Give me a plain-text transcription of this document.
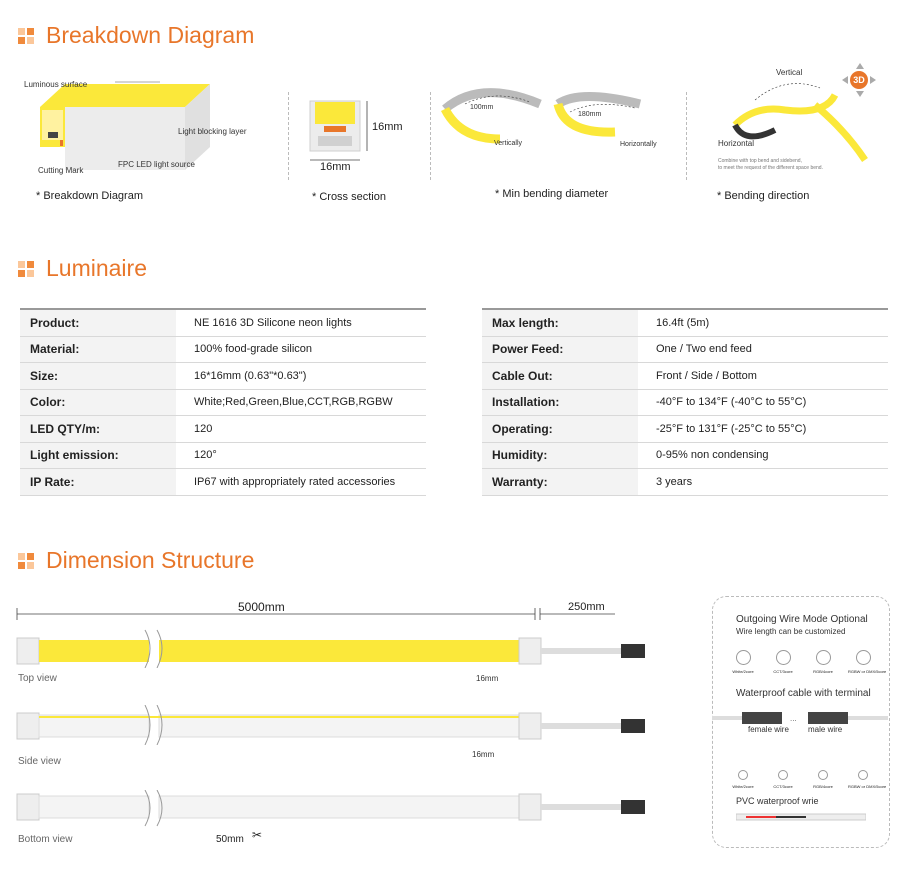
Breakdown Diagram
Luminous surface
Light blocking layer
FPC LED light source
Cutting Mark
* Breakdown Diagram
16mm
16mm
* Cross section
100mm
180mm
Vertically	Horizontally
* Min bending diameter
3D
Vertical
Horizontal
Combine with top bend and sidebend,
to meet the request of the different space bend.
* Bending direction
Luminaire
Product:	NE 1616 3D Silicone neon lights
Material:	100% food-grade silicon
Size:	16*16mm (0.63"*0.63")
Color:	White;Red,Green,Blue,CCT,RGB,RGBW
LED QTY/m:	120
Light emission:	120°
IP Rate:	IP67 with appropriately rated accessories
Max length:	16.4ft (5m)
Power Feed:	One / Two end feed
Cable Out:	Front / Side / Bottom
Installation:	-40°F to 134°F (-40°C to 55°C)
Operating:	-25°F to 131°F (-25°C to 55°C)
Humidity:	0-95% non condensing
Warranty:	3 years
Dimension Structure
5000mm	250mm
Top view	16mm
Side view
16mm
Bottom view	50mm ✂
Outgoing Wire Mode Optional
Wire length can be customized
White/2core	CCT/3core	RGB/4core	RGBW or DMX/5core
Waterproof cable with terminal
...
female wire male wire
White/2core	CCT/3core	RGB/4core	RGBW or DMX/5core
PVC waterproof wrie
